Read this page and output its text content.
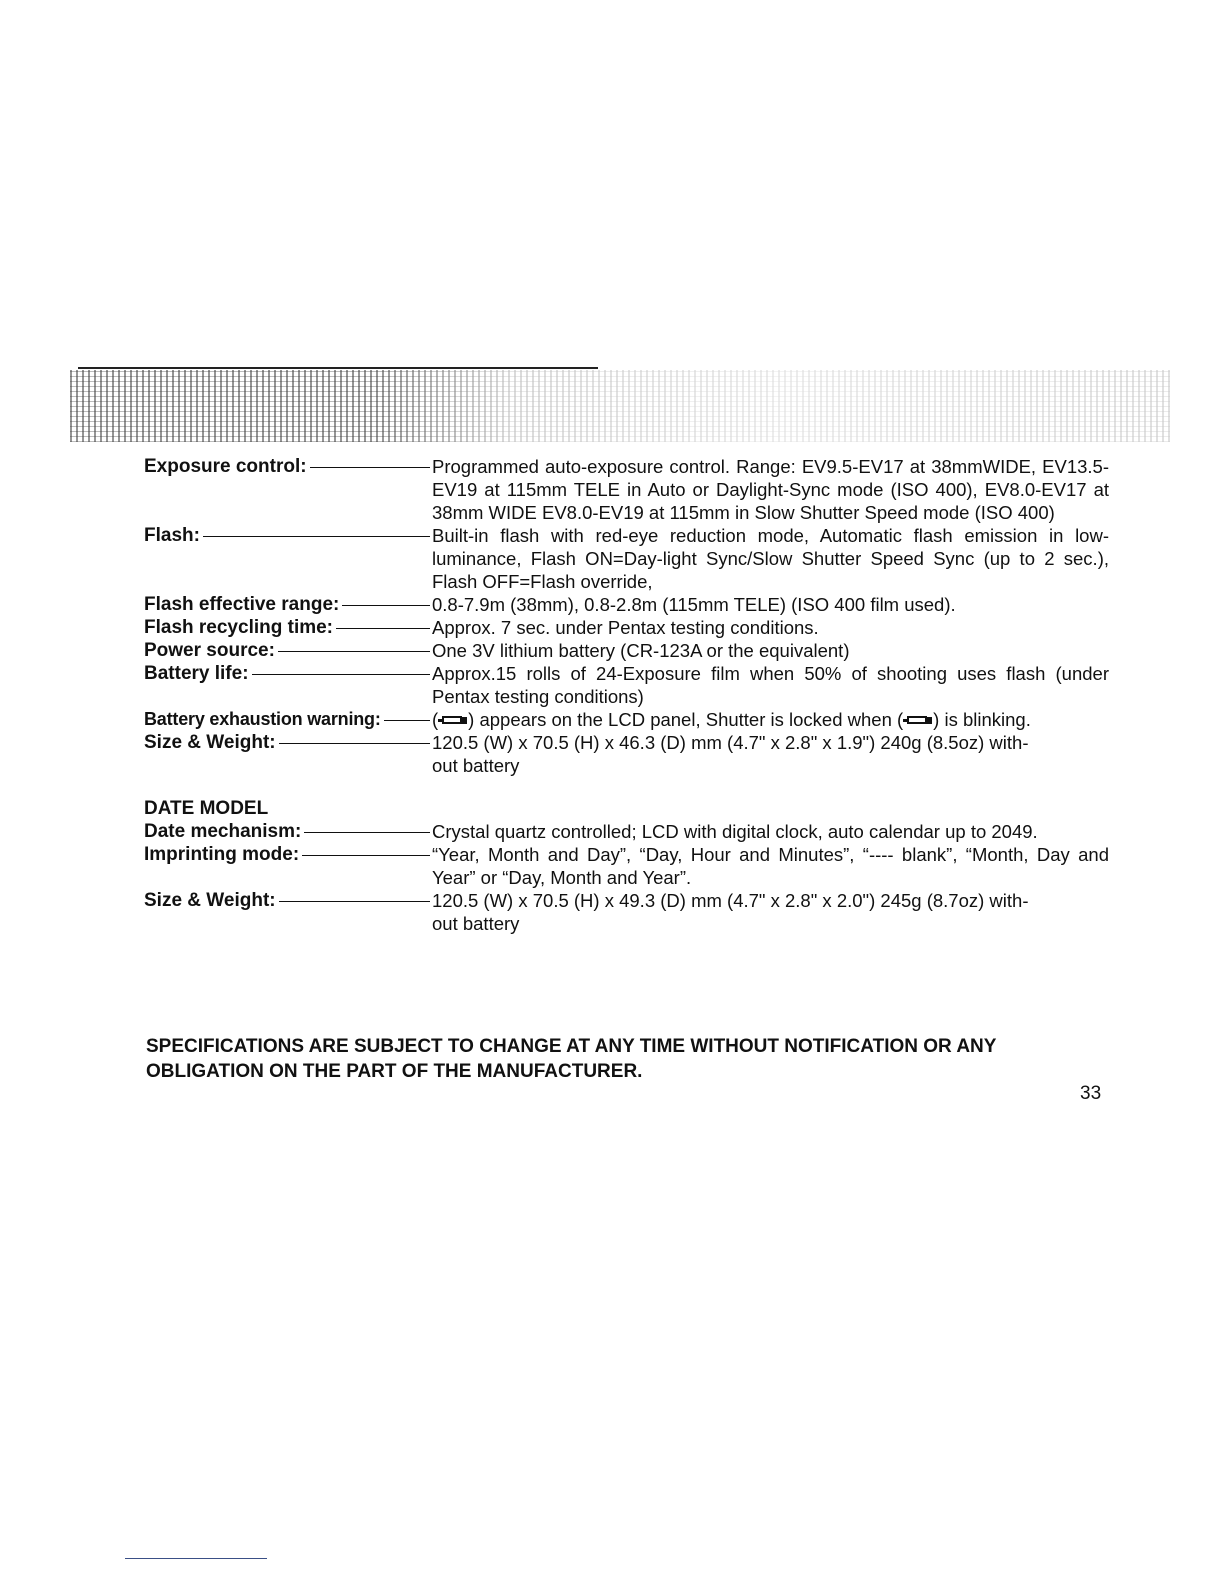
Exposure control:	Programmed auto-exposure control. Range: EV9.5-EV17 at 38mmWIDE, EV13.5-EV19 at 115mm TELE in Auto or Daylight-Sync mode (ISO 400), EV8.0-EV17 at 38mm WIDE EV8.0-EV19 at 115mm in Slow Shutter Speed mode (ISO 400)
Flash:	Built-in flash with red-eye reduction mode, Automatic flash emission in low-luminance, Flash ON=Day-light Sync/Slow Shutter Speed Sync (up to 2 sec.), Flash OFF=Flash override,
Flash effective range:	0.8-7.9m (38mm), 0.8-2.8m (115mm TELE) (ISO 400 film used).
Flash recycling time:	Approx. 7 sec. under Pentax testing conditions.
Power source:	One 3V lithium battery (CR-123A or the equivalent)
Battery life:	Approx.15 rolls of 24-Exposure film when 50% of shooting uses flash (under Pentax testing conditions)
Battery exhaustion warning:	( ) appears on the LCD panel, Shutter is locked when ( ) is blinking.
Size & Weight:	120.5 (W) x 70.5 (H) x 46.3 (D) mm (4.7" x 2.8" x 1.9") 240g (8.5oz) with-
out battery
DATE MODEL
Date mechanism:	Crystal quartz controlled; LCD with digital clock, auto calendar up to 2049.
Imprinting mode:	“Year, Month and Day”, “Day, Hour and Minutes”, “---- blank”, “Month, Day and Year” or “Day, Month and Year”.
Size & Weight:	120.5 (W) x 70.5 (H) x 49.3 (D) mm (4.7" x 2.8" x 2.0") 245g (8.7oz) with-
out battery
SPECIFICATIONS ARE SUBJECT TO CHANGE AT ANY TIME WITHOUT NOTIFICATION OR ANY
OBLIGATION ON THE PART OF THE MANUFACTURER.
33
